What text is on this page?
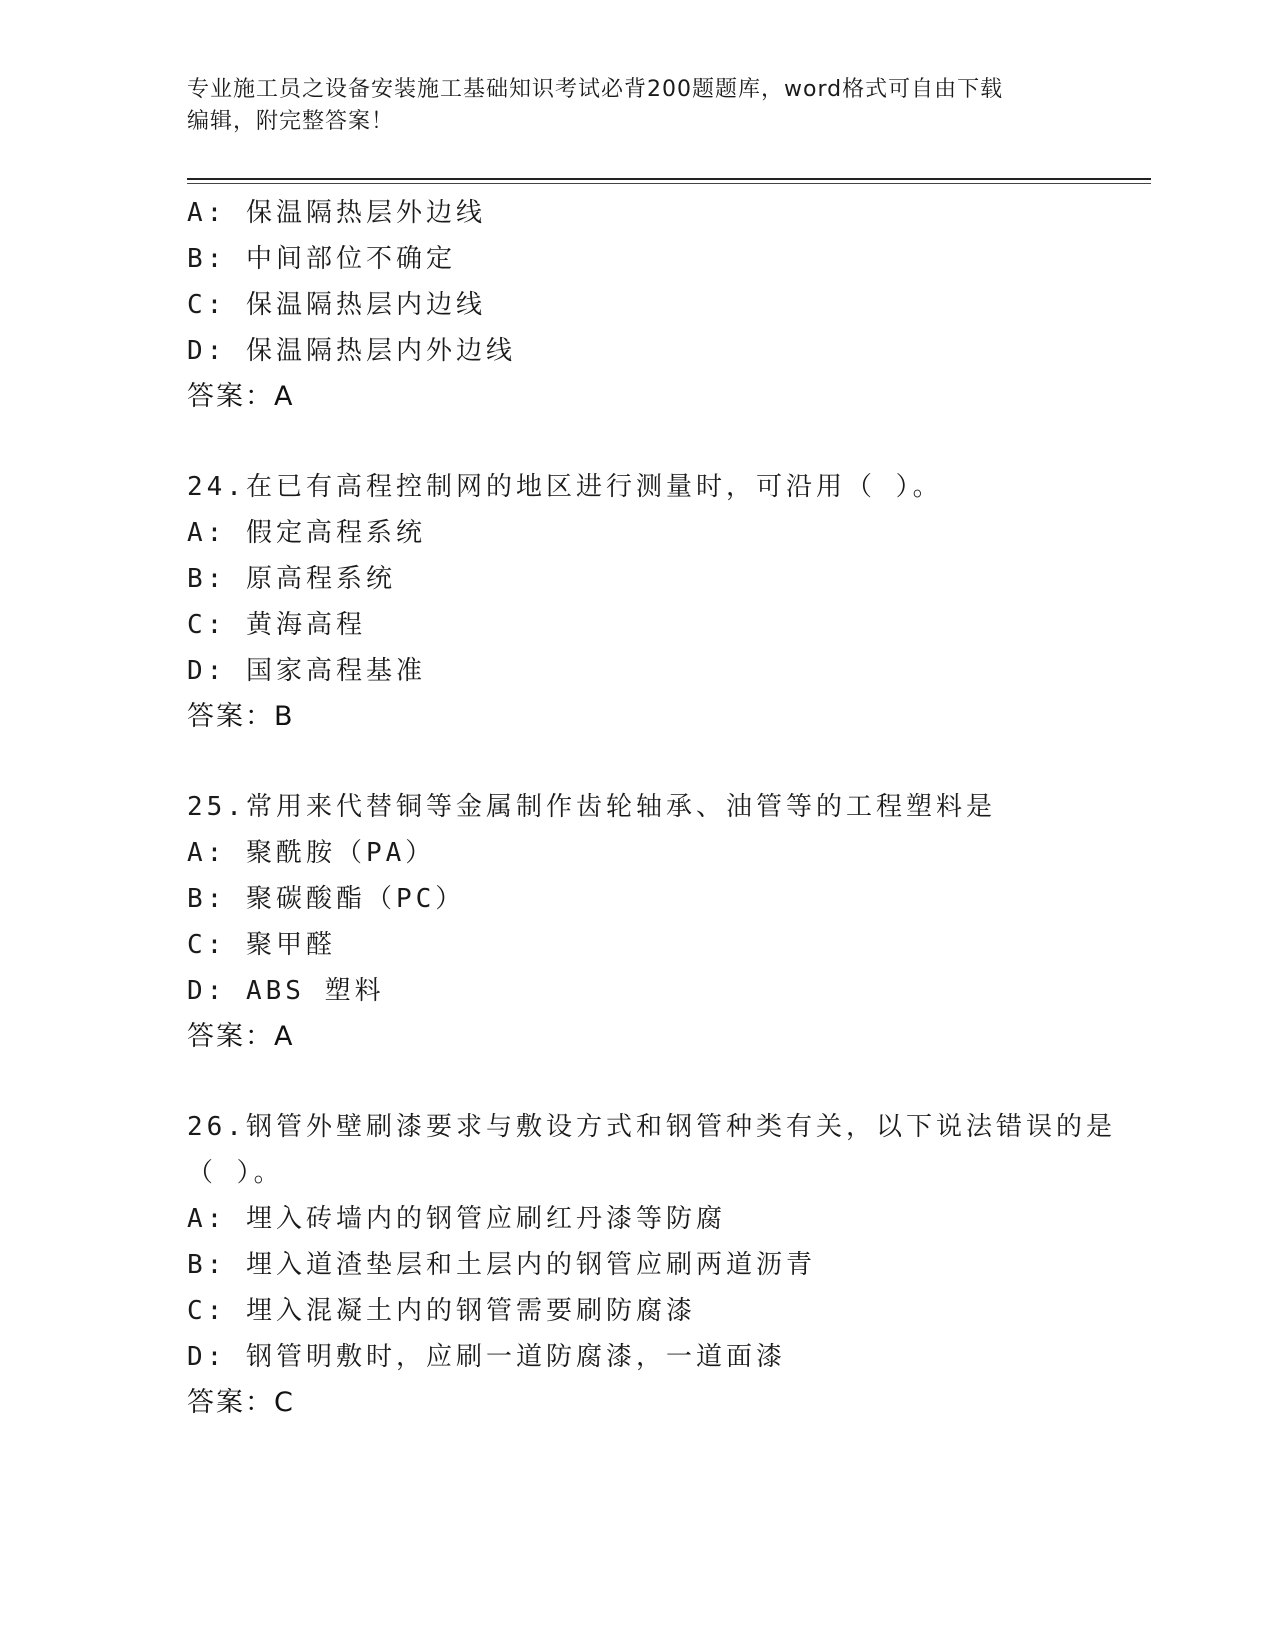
专业施工员之设备安装施工基础知识考试必背200题题库，word格式可自由下载
编辑，附完整答案！
A: 保温隔热层外边线
B: 中间部位不确定
C: 保温隔热层内边线
D: 保温隔热层内外边线
答案：A
24.在已有高程控制网的地区进行测量时，可沿用（ ）。
A: 假定高程系统
B: 原高程系统
C: 黄海高程
D: 国家高程基准
答案：B
25.常用来代替铜等金属制作齿轮轴承、油管等的工程塑料是
A: 聚酰胺（PA）
B: 聚碳酸酯（PC）
C: 聚甲醛
D: ABS 塑料
答案：A
26.钢管外壁刷漆要求与敷设方式和钢管种类有关，以下说法错误的是
（ ）。
A: 埋入砖墙内的钢管应刷红丹漆等防腐
B: 埋入道渣垫层和土层内的钢管应刷两道沥青
C: 埋入混凝土内的钢管需要刷防腐漆
D: 钢管明敷时，应刷一道防腐漆，一道面漆
答案：C
